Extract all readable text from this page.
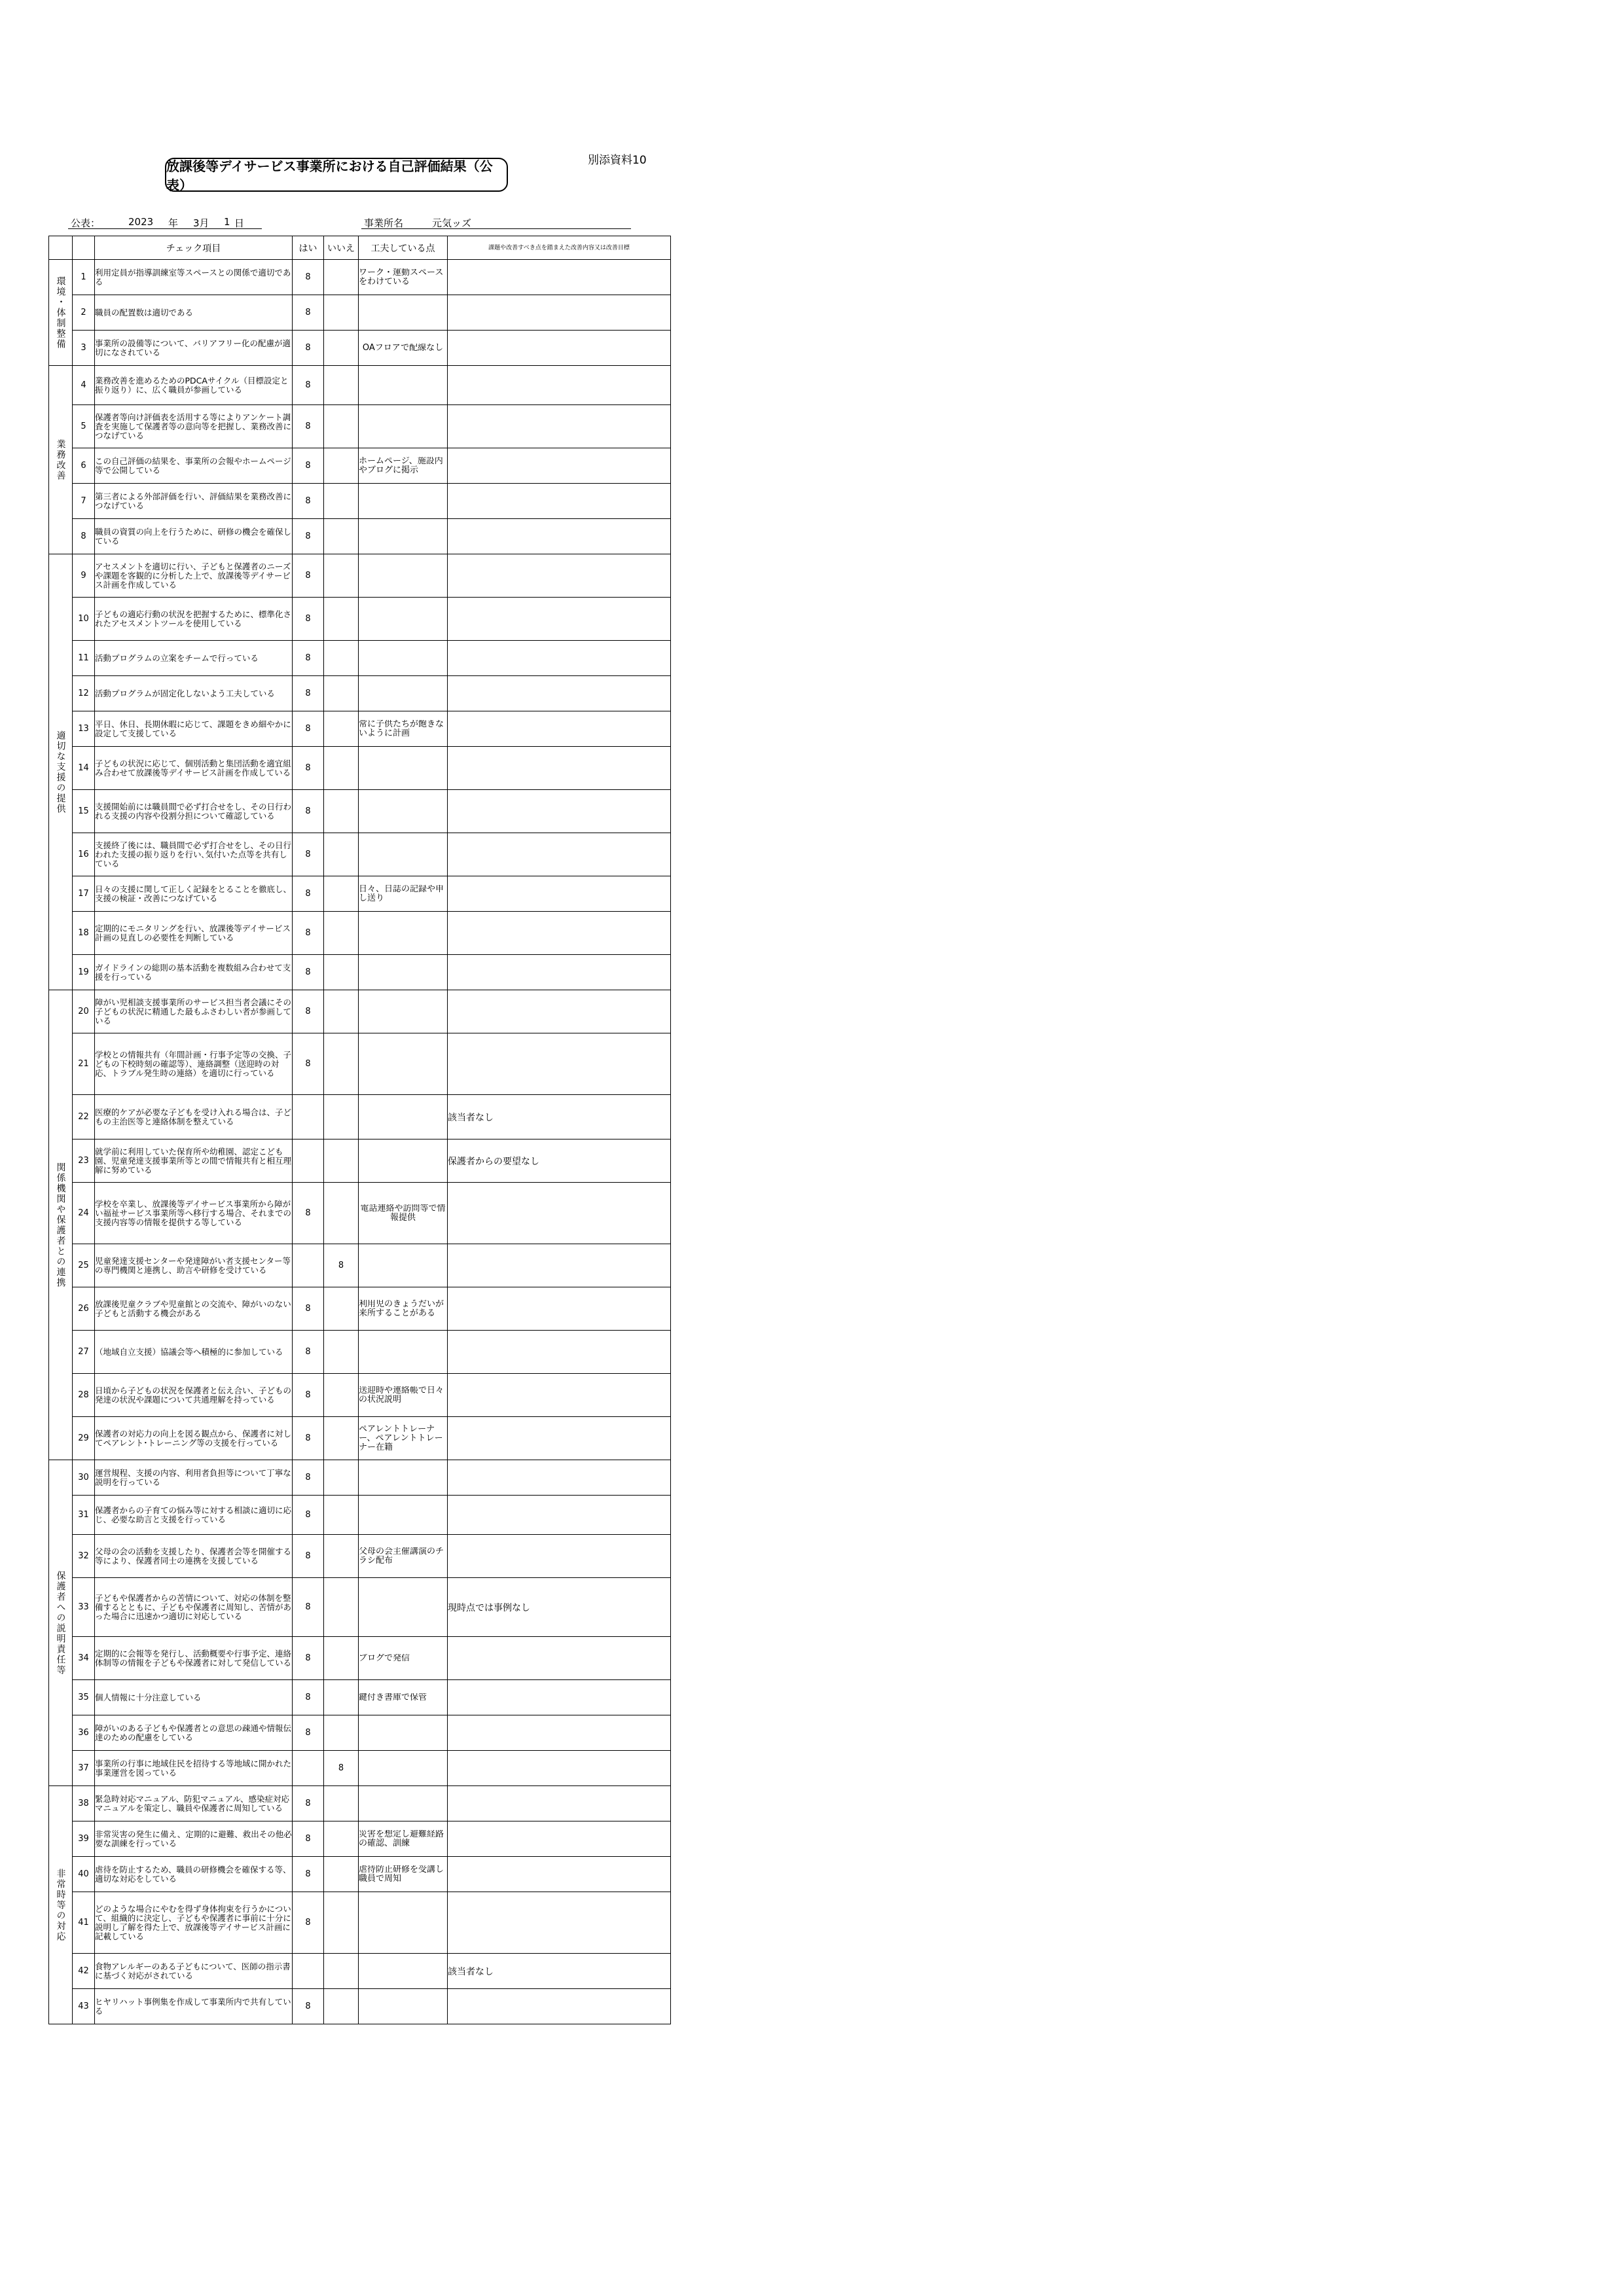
別添資料10
放課後等デイサービス事業所における自己評価結果（公表）
公表：	2023 年 3月 1 日	事業所名	元気ッズ
		チェック項目	はい	いいえ	工夫している点	課題や改善すべき点を踏まえた改善内容又は改善目標
環境・体制整備	1	利用定員が指導訓練室等スペースとの関係で適切である	8		ワーク・運動スペースをわけている	

	2	職員の配置数は適切である	8		

	3	事業所の設備等について、バリアフリー化の配慮が適切になされている	8		OAフロアで配線なし	

業務改善	4	業務改善を進めるためのPDCAサイクル（目標設定と振り返り）に、広く職員が参画している	8		

	5	保護者等向け評価表を活用する等によりアンケート調査を実施して保護者等の意向等を把握し、業務改善につなげている	8		

	6	この自己評価の結果を、事業所の会報やホームページ等で公開している	8		ホームページ、施設内やブログに掲示	

	7	第三者による外部評価を行い、評価結果を業務改善につなげている	8		

	8	職員の資質の向上を行うために、研修の機会を確保している	8		

適切な支援の提供	9	アセスメントを適切に行い、子どもと保護者のニーズや課題を客観的に分析した上で、放課後等デイサービス計画を作成している	8		

	10	子どもの適応行動の状況を把握するために、標準化されたアセスメントツールを使用している	8		

	11	活動プログラムの立案をチームで行っている	8		

	12	活動プログラムが固定化しないよう工夫している	8		

	13	平日、休日、長期休暇に応じて、課題をきめ細やかに設定して支援している	8		常に子供たちが飽きないように計画	

	14	子どもの状況に応じて、個別活動と集団活動を適宜組み合わせて放課後等デイサービス計画を作成している	8		

	15	支援開始前には職員間で必ず打合せをし、その日行われる支援の内容や役割分担について確認している	8		

	16	支援終了後には、職員間で必ず打合せをし、その日行われた支援の振り返りを行い､気付いた点等を共有している	8		

	17	日々の支援に関して正しく記録をとることを徹底し、支援の検証・改善につなげている	8		日々、日誌の記録や申し送り	

	18	定期的にモニタリングを行い、放課後等デイサービス計画の見直しの必要性を判断している	8		

	19	ガイドラインの総則の基本活動を複数組み合わせて支援を行っている	8		

関係機関や保護者との連携	20	障がい児相談支援事業所のサービス担当者会議にその子どもの状況に精通した最もふさわしい者が参画している	8		

	21	学校との情報共有（年間計画・行事予定等の交換、子どもの下校時刻の確認等）、連絡調整（送迎時の対応、トラブル発生時の連絡）を適切に行っている	8		

	22	医療的ケアが必要な子どもを受け入れる場合は、子どもの主治医等と連絡体制を整えている				該当者なし
	23	就学前に利用していた保育所や幼稚園、認定こども園、児童発達支援事業所等との間で情報共有と相互理解に努めている				保護者からの要望なし
	24	学校を卒業し、放課後等デイサービス事業所から障がい福祉サービス事業所等へ移行する場合、それまでの支援内容等の情報を提供する等している	8		電話連絡や訪問等で情報提供	

	25	児童発達支援センターや発達障がい者支援センター等の専門機関と連携し、助言や研修を受けている		8	

	26	放課後児童クラブや児童館との交流や、障がいのない子どもと活動する機会がある	8		利用児のきょうだいが来所することがある	

	27	（地域自立支援）協議会等へ積極的に参加している	8		

	28	日頃から子どもの状況を保護者と伝え合い、子どもの発達の状況や課題について共通理解を持っている	8		送迎時や連絡帳で日々の状況説明	

	29	保護者の対応力の向上を図る観点から、保護者に対してペアレント･トレーニング等の支援を行っている	8		ペアレントトレーナー、ペアレントトレーナー在籍	

保護者への説明責任等	30	運営規程、支援の内容、利用者負担等について丁寧な説明を行っている	8		

	31	保護者からの子育ての悩み等に対する相談に適切に応じ、必要な助言と支援を行っている	8		

	32	父母の会の活動を支援したり、保護者会等を開催する等により、保護者同士の連携を支援している	8		父母の会主催講演のチラシ配布	

	33	子どもや保護者からの苦情について、対応の体制を整備するとともに、子どもや保護者に周知し、苦情があった場合に迅速かつ適切に対応している	8			現時点では事例なし
	34	定期的に会報等を発行し、活動概要や行事予定、連絡体制等の情報を子どもや保護者に対して発信している	8		ブログで発信	

	35	個人情報に十分注意している	8		鍵付き書庫で保管	

	36	障がいのある子どもや保護者との意思の疎通や情報伝達のための配慮をしている	8		

	37	事業所の行事に地域住民を招待する等地域に開かれた事業運営を図っている		8	

非常時等の対応	38	緊急時対応マニュアル、防犯マニュアル、感染症対応マニュアルを策定し、職員や保護者に周知している	8		

	39	非常災害の発生に備え、定期的に避難、救出その他必要な訓練を行っている	8		災害を想定し避難経路の確認、訓練	

	40	虐待を防止するため、職員の研修機会を確保する等、適切な対応をしている	8		虐待防止研修を受講し職員で周知	

	41	どのような場合にやむを得ず身体拘束を行うかについて、組織的に決定し、子どもや保護者に事前に十分に説明し了解を得た上で、放課後等デイサービス計画に記載している	8		

	42	食物アレルギーのある子どもについて、医師の指示書に基づく対応がされている				該当者なし
	43	ヒヤリハット事例集を作成して事業所内で共有している	8		
